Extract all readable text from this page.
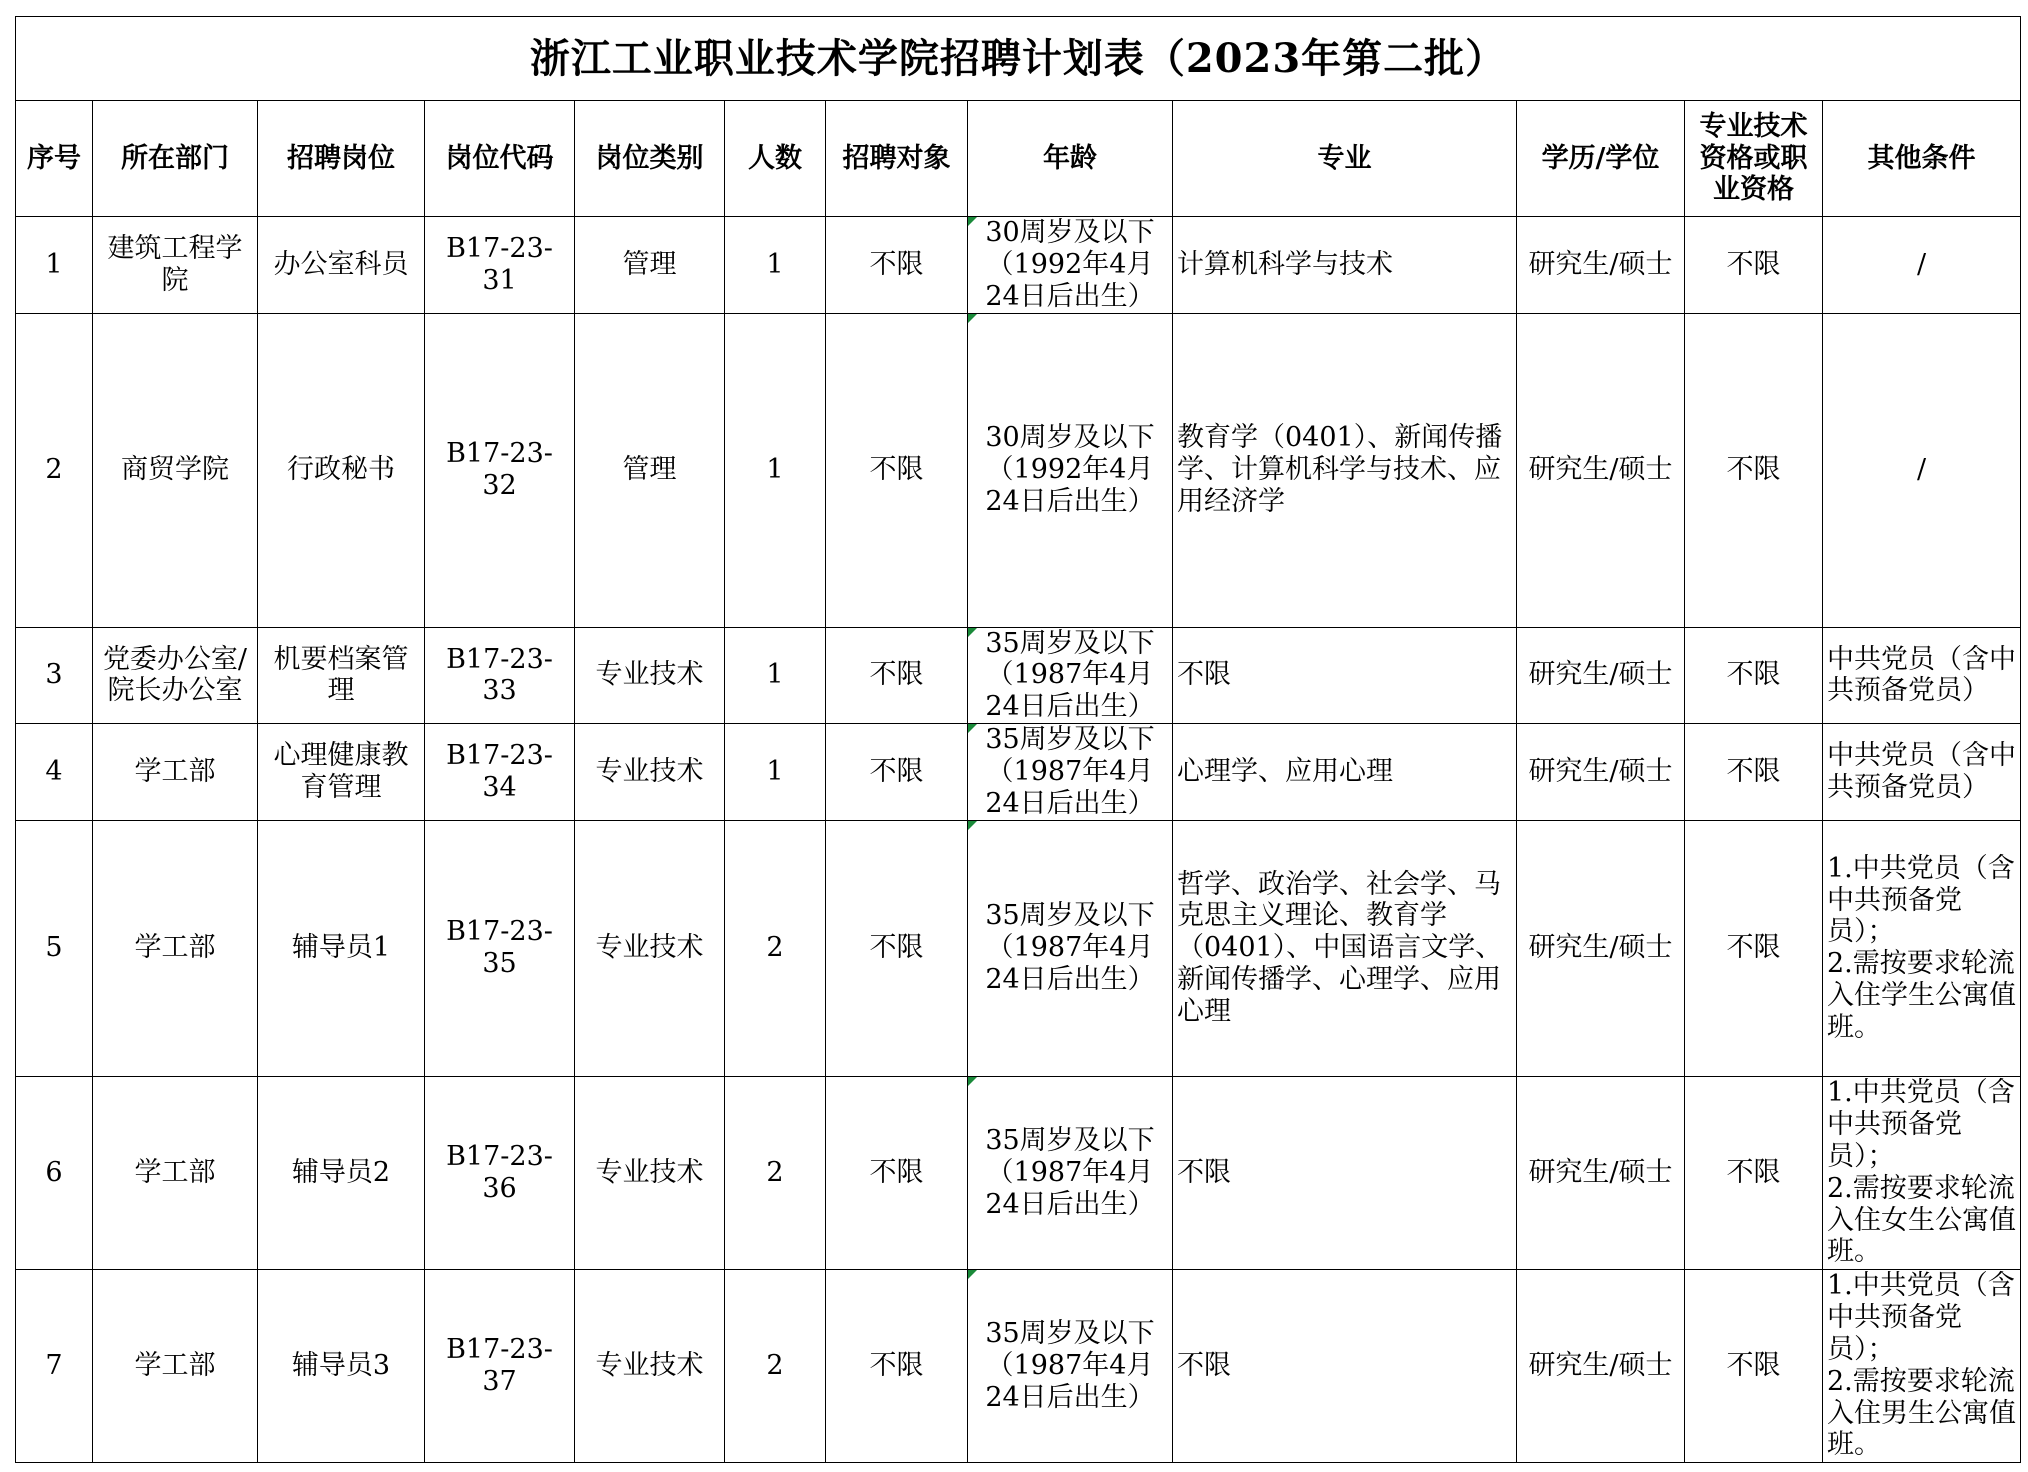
浙江工业职业技术学院招聘计划表（2023年第二批）											
序号	所在部门	招聘岗位	岗位代码	岗位类别	人数	招聘对象	年龄	专业	学历/学位	专业技术资格或职业资格	其他条件
1	建筑工程学院	办公室科员	B17-23-31	管理	1	不限	30周岁及以下（1992年4月24日后出生）	计算机科学与技术	研究生/硕士	不限	/
2	商贸学院	行政秘书	B17-23-32	管理	1	不限	30周岁及以下（1992年4月24日后出生）	教育学（0401）、新闻传播学、计算机科学与技术、应用经济学	研究生/硕士	不限	/
3	党委办公室/院长办公室	机要档案管理	B17-23-33	专业技术	1	不限	35周岁及以下（1987年4月24日后出生）	不限	研究生/硕士	不限	中共党员（含中共预备党员）
4	学工部	心理健康教育管理	B17-23-34	专业技术	1	不限	35周岁及以下（1987年4月24日后出生）	心理学、应用心理	研究生/硕士	不限	中共党员（含中共预备党员）
5	学工部	辅导员1	B17-23-35	专业技术	2	不限	35周岁及以下（1987年4月24日后出生）	哲学、政治学、社会学、马克思主义理论、教育学（0401）、中国语言文学、新闻传播学、心理学、应用心理	研究生/硕士	不限	1.中共党员（含中共预备党员）；
2.需按要求轮流入住学生公寓值班。
6	学工部	辅导员2	B17-23-36	专业技术	2	不限	35周岁及以下（1987年4月24日后出生）	不限	研究生/硕士	不限	1.中共党员（含中共预备党员）；
2.需按要求轮流入住女生公寓值班。
7	学工部	辅导员3	B17-23-37	专业技术	2	不限	35周岁及以下（1987年4月24日后出生）	不限	研究生/硕士	不限	1.中共党员（含中共预备党员）；
2.需按要求轮流入住男生公寓值班。
